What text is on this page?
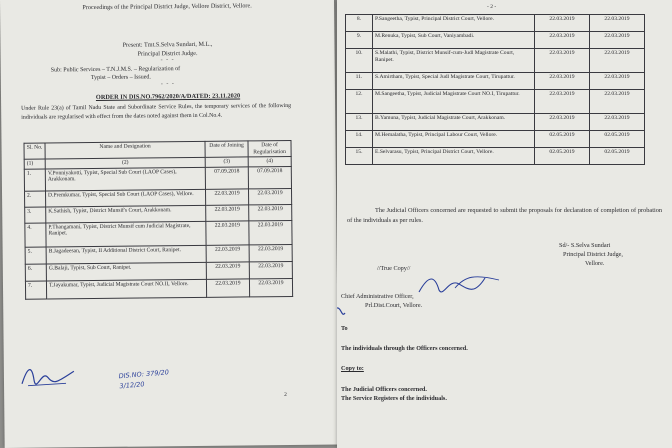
Proceedings of the Principal District Judge, Vellore District, Vellore.
Present: Tmt.S.Selva Sundari, M.L.,
Principal District Judge.
- - -
Sub: Public Services – T.N.J.M.S. – Regularization of
Typist – Orders – Issued.
- - -
ORDER IN DIS.NO.7962/2020/A/DATED: 23.11.2020
Under Rule 23(a) of Tamil Nadu State and Subordinate Service Rules, the temporary services of the following individuals are regularised with effect from the dates noted against them in Col.No.4.
Sl. No.	Name and Designation	Date of Joining	Date of Regularisation
(1)	(2)	(3)	(4)
1.	V.Ponniyakotti, Typist, Special Sub Court (LAOP Cases), Arakkonam.	07.09.2018	07.09.2018
2.	D.Premkumar, Typist, Special Sub Court (LAOP Cases), Vellore.	22.03.2019	22.03.2019
3.	K.Sathish, Typist, District Munsif's Court, Arakkonam.	22.03.2019	22.03.2019
4.	P.Thangamani, Typist, District Munsif cum Judicial Magistrate, Ranipet.	22.03.2019	22.03.2019
5.	B.Jagadeesan, Typist, II Additional District Court, Ranipet.	22.03.2019	22.03.2019
6.	G.Balaji, Typist, Sub Court, Ranipet.	22.03.2019	22.03.2019
7.	T.Jayakumar, Typist, Judicial Magistrate Court NO.II, Vellore.	22.03.2019	22.03.2019
DIS.NO: 379/20 3/12/20
2
- 2 -
8.	P.Sangeetha, Typist, Principal District Court, Vellore.	22.03.2019	22.03.2019
9.	M.Renuka, Typist, Sub Court, Vaniyambadi.	22.03.2019	22.03.2019
10.	S.Malathi, Typist, District Munsif-cum-Judl Magistrate Court, Ranipet.	22.03.2019	22.03.2019
11.	S.Amirtham, Typist, Special Judl Magistrate Court, Tirupattur.	22.03.2019	22.03.2019
12.	M.Sangeetha, Typist, Judicial Magistrate Court NO.I, Tirupattur.	22.03.2019	22.03.2019
13.	B.Yamuna, Typist, Judicial Magistrate Court, Arakkonam.	22.03.2019	22.03.2019
14.	M.Hemalatha, Typist, Principal Labour Court, Vellore.	02.05.2019	02.05.2019
15.	E.Selvarasu, Typist, Principal District Court, Vellore.	02.05.2019	02.05.2019
The Judicial Officers concerned are requested to submit the proposals for declaration of completion of probation of the individuals as per rules.
Sd/- S.Selva Sundari
Principal District Judge,
Vellore.
//True Copy//
Chief Administrative Officer,
Prl.Dist.Court, Vellore.
To
The individuals through the Officers concerned.
Copy to:
The Judicial Officers concerned.
The Service Registers of the individuals.
